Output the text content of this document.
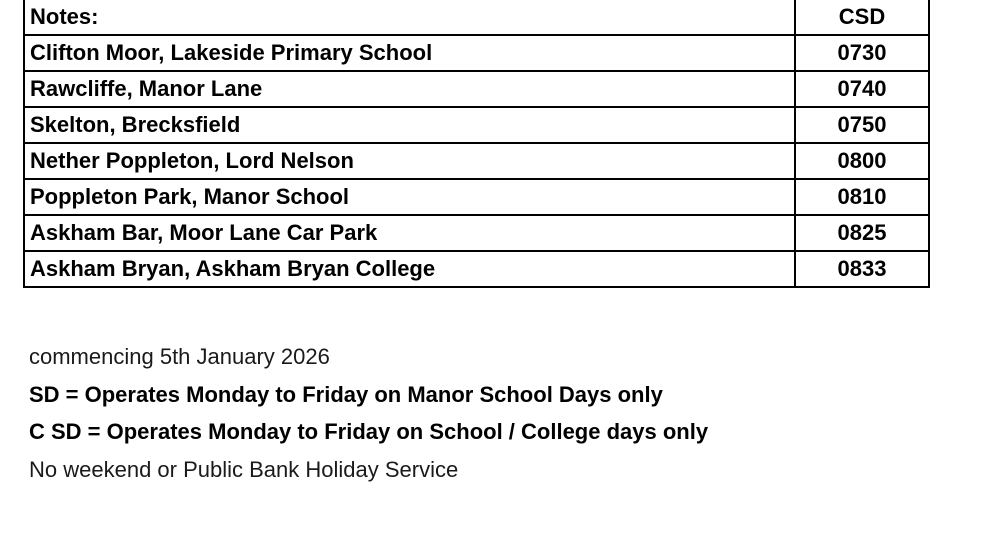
Notes:	CSD
Clifton Moor, Lakeside Primary School	0730
Rawcliffe, Manor Lane	0740
Skelton, Brecksfield	0750
Nether Poppleton, Lord Nelson	0800
Poppleton Park, Manor School	0810
Askham Bar, Moor Lane Car Park	0825
Askham Bryan, Askham Bryan College	0833

commencing 5th January 2026

SD = Operates Monday to Friday on Manor School Days only

C SD = Operates Monday to Friday on School / College days only

No weekend or Public Bank Holiday Service
